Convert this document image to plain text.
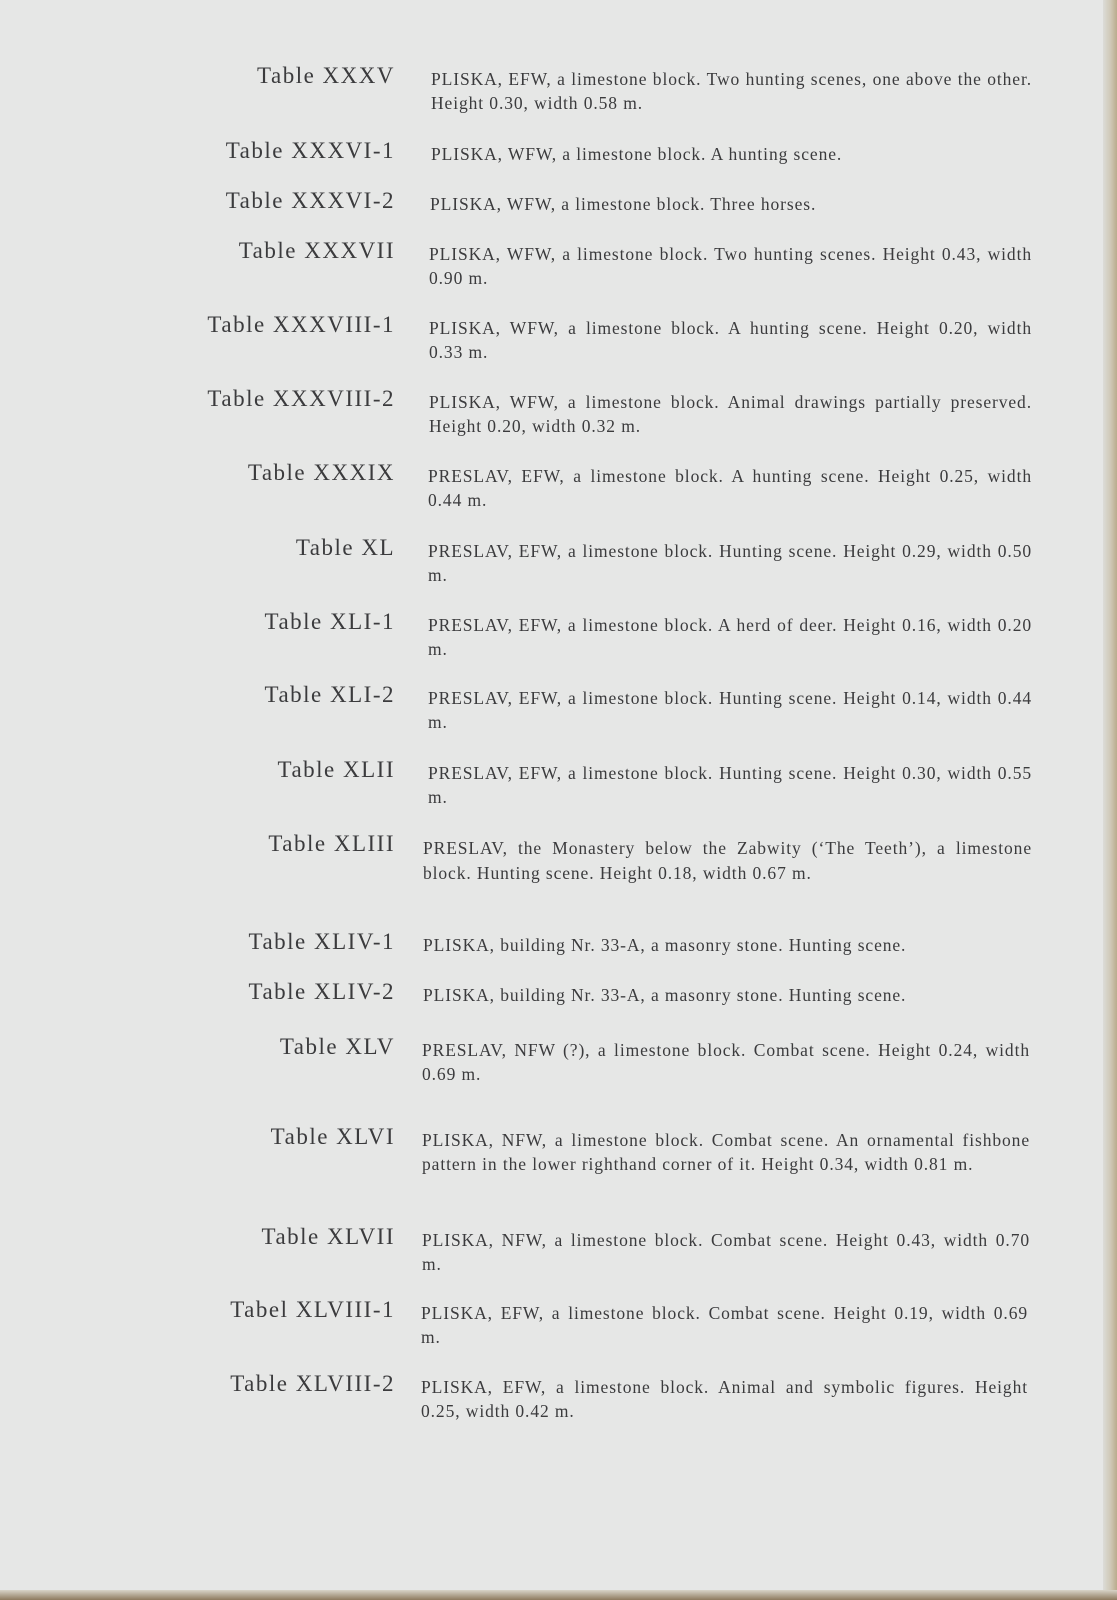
Table XXXV PLISKA, EFW, a limestone block. Two hunting scenes, one above the other. Height 0.30, width 0.58 m.
Table XXXVI-1 PLISKA, WFW, a limestone block. A hunting scene.
Table XXXVI-2 PLISKA, WFW, a limestone block. Three horses.
Table XXXVII PLISKA, WFW, a limestone block. Two hunting scenes. Height 0.43, width 0.90 m.
Table XXXVIII-1 PLISKA, WFW, a limestone block. A hunting scene. Height 0.20, width 0.33 m.
Table XXXVIII-2 PLISKA, WFW, a limestone block. Animal drawings partially preserved. Height 0.20, width 0.32 m.
Table XXXIX PRESLAV, EFW, a limestone block. A hunting scene. Height 0.25, width 0.44 m.
Table XL PRESLAV, EFW, a limestone block. Hunting scene. Height 0.29, width 0.50 m.
Table XLI-1 PRESLAV, EFW, a limestone block. A herd of deer. Height 0.16, width 0.20 m.
Table XLI-2 PRESLAV, EFW, a limestone block. Hunting scene. Height 0.14, width 0.44 m.
Table XLII PRESLAV, EFW, a limestone block. Hunting scene. Height 0.30, width 0.55 m.
Table XLIII PRESLAV, the Monastery below the Zabwity (‘The Teeth’), a limestone block. Hunting scene. Height 0.18, width 0.67 m.
Table XLIV-1 PLISKA, building Nr. 33-A, a masonry stone. Hunting scene.
Table XLIV-2 PLISKA, building Nr. 33-A, a masonry stone. Hunting scene.
Table XLV PRESLAV, NFW (?), a limestone block. Combat scene. Height 0.24, width 0.69 m.
Table XLVI PLISKA, NFW, a limestone block. Combat scene. An ornamental fishbone pattern in the lower righthand corner of it. Height 0.34, width 0.81 m.
Table XLVII PLISKA, NFW, a limestone block. Combat scene. Height 0.43, width 0.70 m.
Tabel XLVIII-1 PLISKA, EFW, a limestone block. Combat scene. Height 0.19, width 0.69 m.
Table XLVIII-2 PLISKA, EFW, a limestone block. Animal and symbolic figures. Height 0.25, width 0.42 m.
